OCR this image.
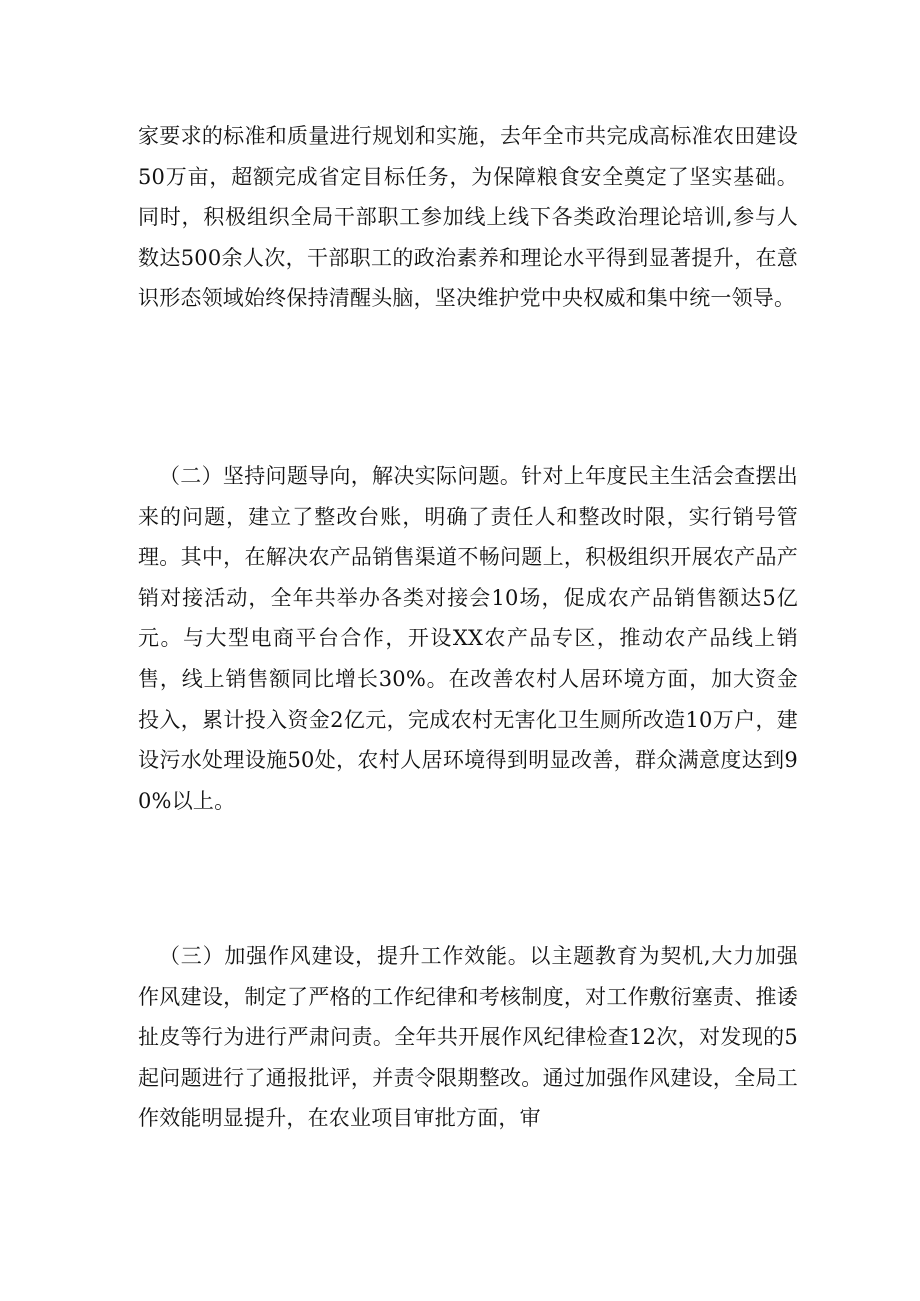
家要求的标准和质量进行规划和实施，去年全市共完成高标准农田建设50万亩，超额完成省定目标任务，为保障粮食安全奠定了坚实基础。同时，积极组织全局干部职工参加线上线下各类政治理论培训,参与人数达500余人次，干部职工的政治素养和理论水平得到显著提升，在意识形态领域始终保持清醒头脑，坚决维护党中央权威和集中统一领导。

（二）坚持问题导向，解决实际问题。针对上年度民主生活会查摆出来的问题，建立了整改台账，明确了责任人和整改时限，实行销号管理。其中，在解决农产品销售渠道不畅问题上，积极组织开展农产品产销对接活动，全年共举办各类对接会10场，促成农产品销售额达5亿元。与大型电商平台合作，开设XX农产品专区，推动农产品线上销售，线上销售额同比增长30%。在改善农村人居环境方面，加大资金投入，累计投入资金2亿元，完成农村无害化卫生厕所改造10万户，建设污水处理设施50处，农村人居环境得到明显改善，群众满意度达到90%以上。

（三）加强作风建设，提升工作效能。以主题教育为契机,大力加强作风建设，制定了严格的工作纪律和考核制度，对工作敷衍塞责、推诿扯皮等行为进行严肃问责。全年共开展作风纪律检查12次，对发现的5起问题进行了通报批评，并责令限期整改。通过加强作风建设，全局工作效能明显提升，在农业项目审批方面，审
